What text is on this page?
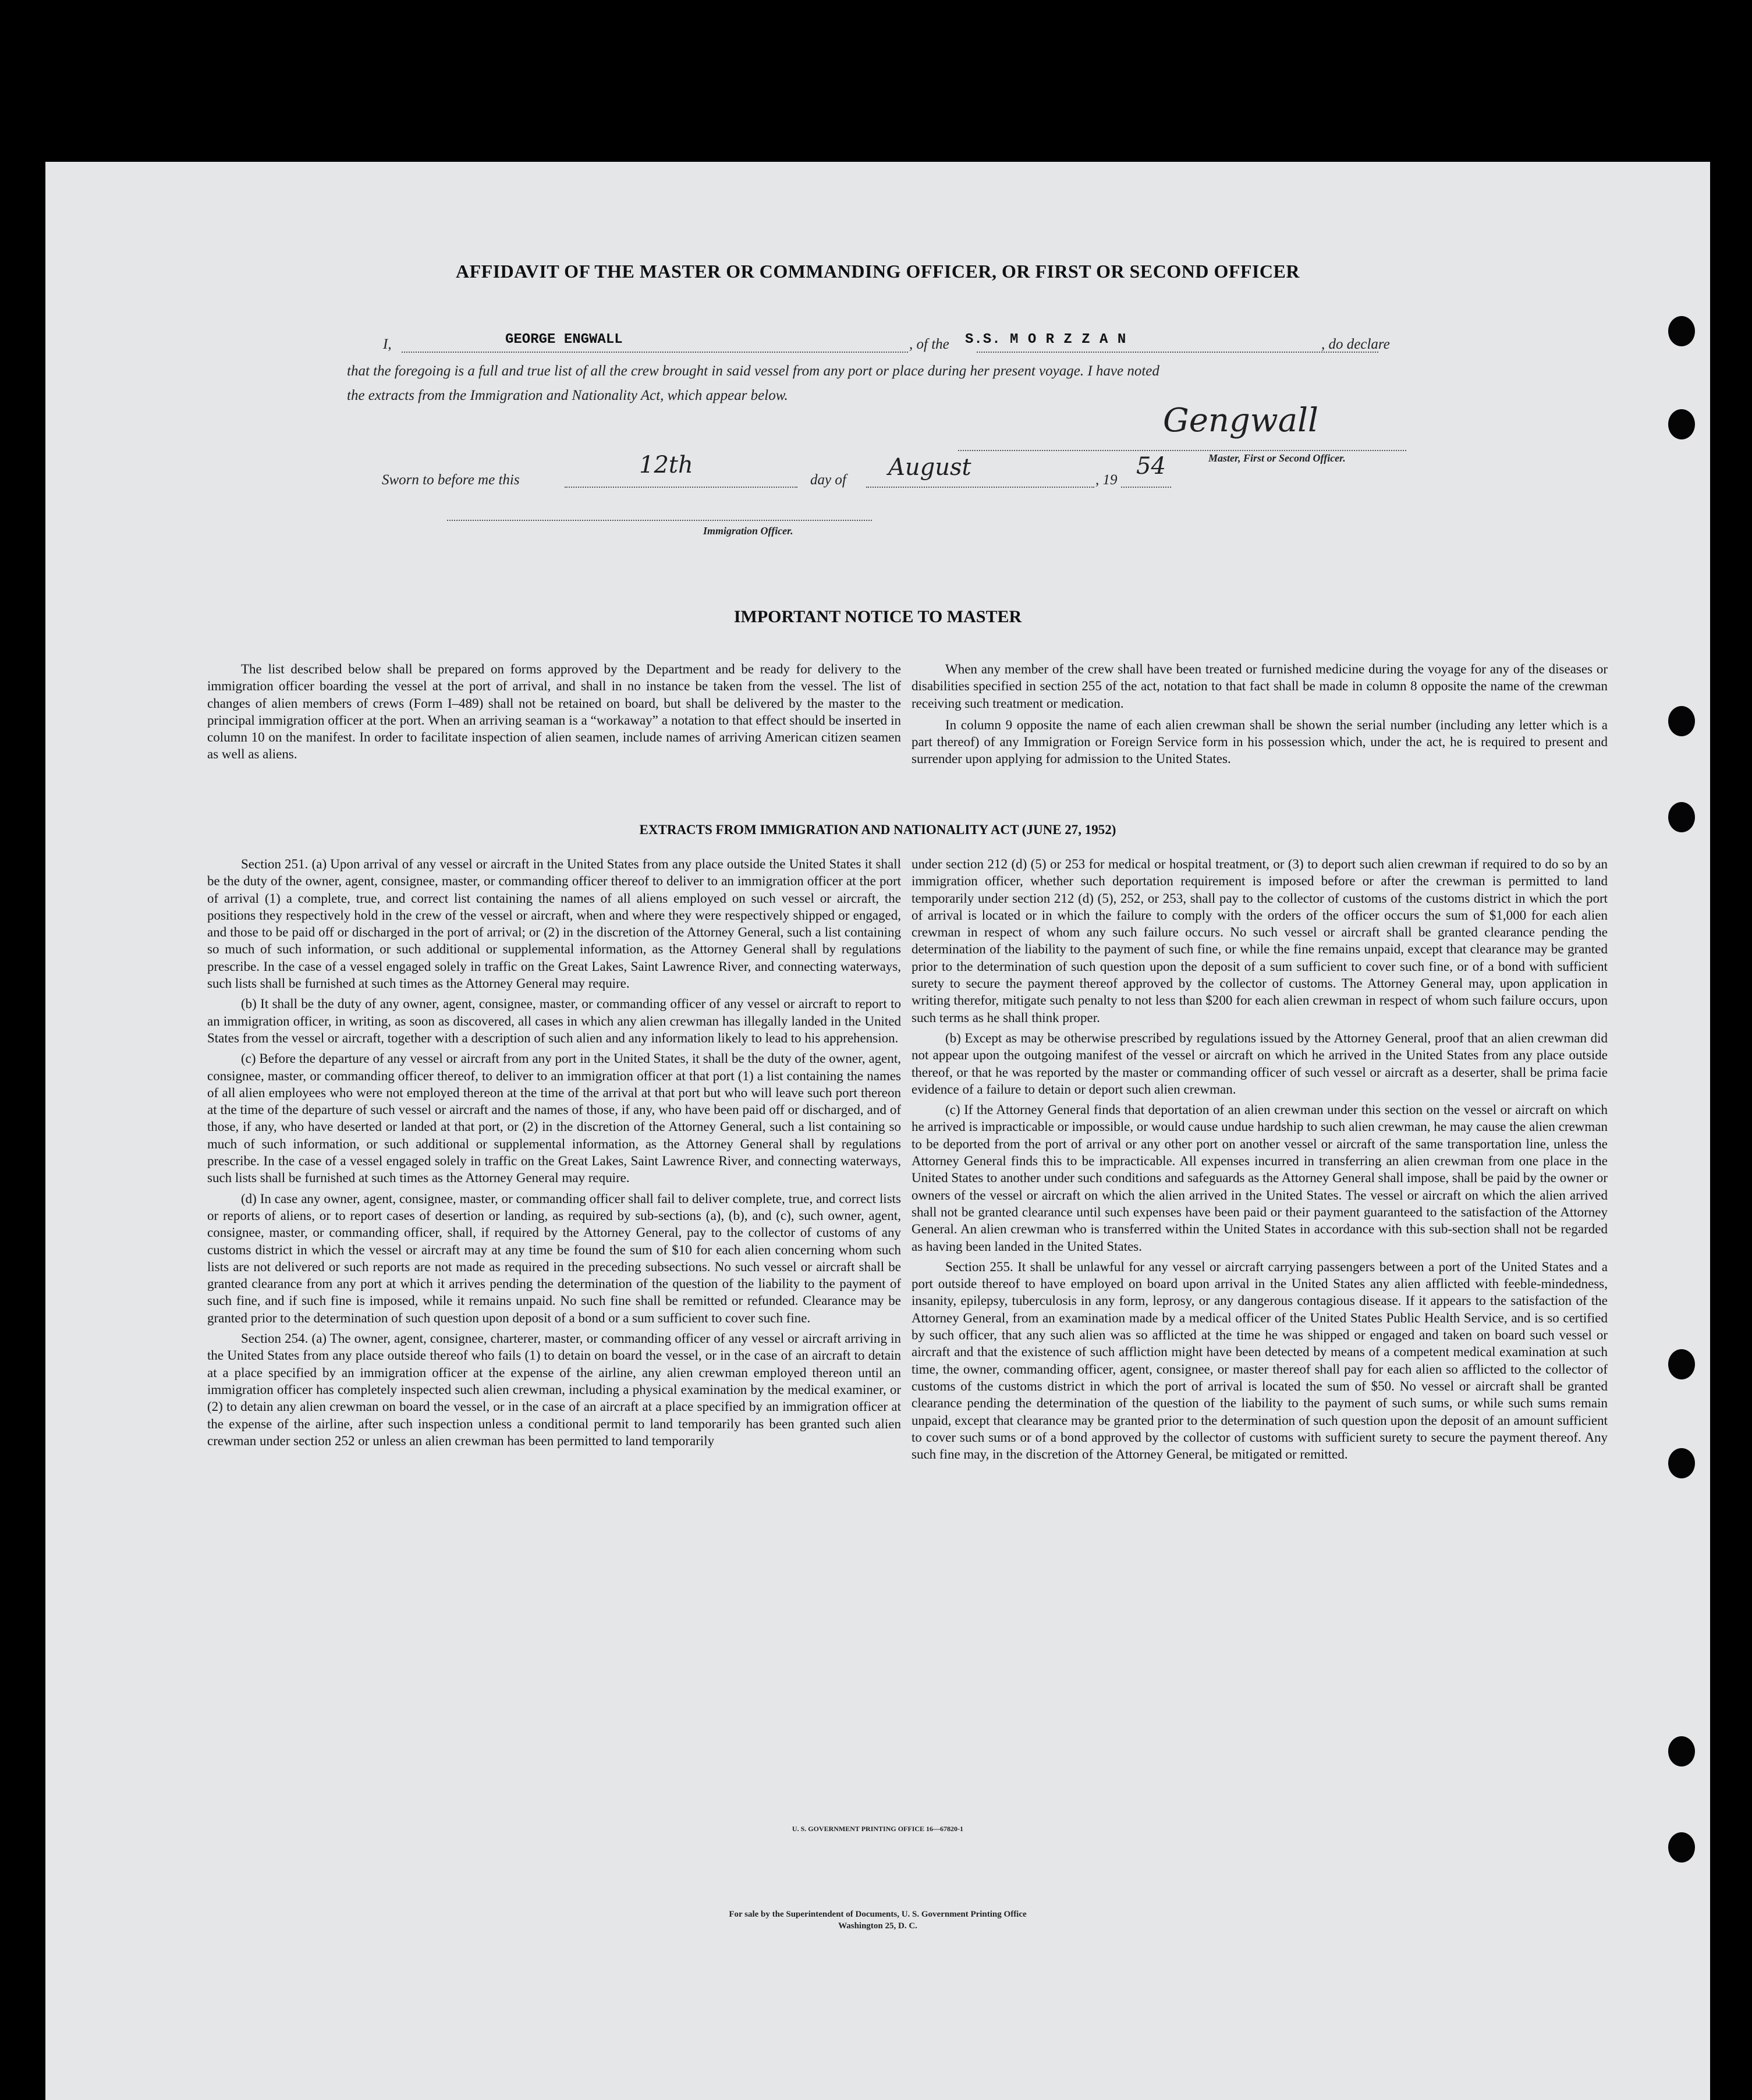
AFFIDAVIT OF THE MASTER OR COMMANDING OFFICER, OR FIRST OR SECOND OFFICER
I,	GEORGE ENGWALL	, of the S.S. M O R Z Z A N	, do declare
that the foregoing is a full and true list of all the crew brought in said vessel from any port or place during her present voyage. I have noted
the extracts from the Immigration and Nationality Act, which appear below.
Gengwall
Master, First or Second Officer.
Sworn to before me this
12th
day of August	, 19
54
Immigration Officer.
IMPORTANT NOTICE TO MASTER

The list described below shall be prepared on forms approved by the Department and be ready for delivery to the immigration officer boarding the vessel at the port of arrival, and shall in no instance be taken from the vessel. The list of changes of alien members of crews (Form I–489) shall not be retained on board, but shall be delivered by the master to the principal immigration officer at the port. When an arriving seaman is a “workaway” a notation to that effect should be inserted in column 10 on the manifest. In order to facilitate inspection of alien seamen, include names of arriving American citizen seamen as well as aliens.

When any member of the crew shall have been treated or furnished medicine during the voyage for any of the diseases or disabilities specified in section 255 of the act, notation to that fact shall be made in column 8 opposite the name of the crewman receiving such treatment or medication.

In column 9 opposite the name of each alien crewman shall be shown the serial number (including any letter which is a part thereof) of any Immigration or Foreign Service form in his possession which, under the act, he is required to present and surrender upon applying for admission to the United States.

EXTRACTS FROM IMMIGRATION AND NATIONALITY ACT (JUNE 27, 1952)

Section 251. (a) Upon arrival of any vessel or aircraft in the United States from any place outside the United States it shall be the duty of the owner, agent, consignee, master, or commanding officer thereof to deliver to an immigration officer at the port of arrival (1) a complete, true, and correct list containing the names of all aliens employed on such vessel or aircraft, the positions they respectively hold in the crew of the vessel or aircraft, when and where they were respectively shipped or engaged, and those to be paid off or discharged in the port of arrival; or (2) in the discretion of the Attorney General, such a list containing so much of such information, or such additional or supplemental information, as the Attorney General shall by regulations prescribe. In the case of a vessel engaged solely in traffic on the Great Lakes, Saint Lawrence River, and connecting waterways, such lists shall be furnished at such times as the Attorney General may require.

(b) It shall be the duty of any owner, agent, consignee, master, or commanding officer of any vessel or aircraft to report to an immigration officer, in writing, as soon as discovered, all cases in which any alien crewman has illegally landed in the United States from the vessel or aircraft, together with a description of such alien and any information likely to lead to his apprehension.

(c) Before the departure of any vessel or aircraft from any port in the United States, it shall be the duty of the owner, agent, consignee, master, or commanding officer thereof, to deliver to an immigration officer at that port (1) a list containing the names of all alien employees who were not employed thereon at the time of the arrival at that port but who will leave such port thereon at the time of the departure of such vessel or aircraft and the names of those, if any, who have been paid off or discharged, and of those, if any, who have deserted or landed at that port, or (2) in the discretion of the Attorney General, such a list containing so much of such information, or such additional or supplemental information, as the Attorney General shall by regulations prescribe. In the case of a vessel engaged solely in traffic on the Great Lakes, Saint Lawrence River, and connecting waterways, such lists shall be furnished at such times as the Attorney General may require.

(d) In case any owner, agent, consignee, master, or commanding officer shall fail to deliver complete, true, and correct lists or reports of aliens, or to report cases of desertion or landing, as required by sub-sections (a), (b), and (c), such owner, agent, consignee, master, or commanding officer, shall, if required by the Attorney General, pay to the collector of customs of any customs district in which the vessel or aircraft may at any time be found the sum of $10 for each alien concerning whom such lists are not delivered or such reports are not made as required in the preceding subsections. No such vessel or aircraft shall be granted clearance from any port at which it arrives pending the determination of the question of the liability to the payment of such fine, and if such fine is imposed, while it remains unpaid. No such fine shall be remitted or refunded. Clearance may be granted prior to the determination of such question upon deposit of a bond or a sum sufficient to cover such fine.

Section 254. (a) The owner, agent, consignee, charterer, master, or commanding officer of any vessel or aircraft arriving in the United States from any place outside thereof who fails (1) to detain on board the vessel, or in the case of an aircraft to detain at a place specified by an immigration officer at the expense of the airline, any alien crewman employed thereon until an immigration officer has completely inspected such alien crewman, including a physical examination by the medical examiner, or (2) to detain any alien crewman on board the vessel, or in the case of an aircraft at a place specified by an immigration officer at the expense of the airline, after such inspection unless a conditional permit to land temporarily has been granted such alien crewman under section 252 or unless an alien crewman has been permitted to land temporarily

under section 212 (d) (5) or 253 for medical or hospital treatment, or (3) to deport such alien crewman if required to do so by an immigration officer, whether such deportation requirement is imposed before or after the crewman is permitted to land temporarily under section 212 (d) (5), 252, or 253, shall pay to the collector of customs of the customs district in which the port of arrival is located or in which the failure to comply with the orders of the officer occurs the sum of $1,000 for each alien crewman in respect of whom any such failure occurs. No such vessel or aircraft shall be granted clearance pending the determination of the liability to the payment of such fine, or while the fine remains unpaid, except that clearance may be granted prior to the determination of such question upon the deposit of a sum sufficient to cover such fine, or of a bond with sufficient surety to secure the payment thereof approved by the collector of customs. The Attorney General may, upon application in writing therefor, mitigate such penalty to not less than $200 for each alien crewman in respect of whom such failure occurs, upon such terms as he shall think proper.

(b) Except as may be otherwise prescribed by regulations issued by the Attorney General, proof that an alien crewman did not appear upon the outgoing manifest of the vessel or aircraft on which he arrived in the United States from any place outside thereof, or that he was reported by the master or commanding officer of such vessel or aircraft as a deserter, shall be prima facie evidence of a failure to detain or deport such alien crewman.

(c) If the Attorney General finds that deportation of an alien crewman under this section on the vessel or aircraft on which he arrived is impracticable or impossible, or would cause undue hardship to such alien crewman, he may cause the alien crewman to be deported from the port of arrival or any other port on another vessel or aircraft of the same transportation line, unless the Attorney General finds this to be impracticable. All expenses incurred in transferring an alien crewman from one place in the United States to another under such conditions and safeguards as the Attorney General shall impose, shall be paid by the owner or owners of the vessel or aircraft on which the alien arrived in the United States. The vessel or aircraft on which the alien arrived shall not be granted clearance until such expenses have been paid or their payment guaranteed to the satisfaction of the Attorney General. An alien crewman who is transferred within the United States in accordance with this sub-section shall not be regarded as having been landed in the United States.

Section 255. It shall be unlawful for any vessel or aircraft carrying passengers between a port of the United States and a port outside thereof to have employed on board upon arrival in the United States any alien afflicted with feeble-mindedness, insanity, epilepsy, tuberculosis in any form, leprosy, or any dangerous contagious disease. If it appears to the satisfaction of the Attorney General, from an examination made by a medical officer of the United States Public Health Service, and is so certified by such officer, that any such alien was so afflicted at the time he was shipped or engaged and taken on board such vessel or aircraft and that the existence of such affliction might have been detected by means of a competent medical examination at such time, the owner, commanding officer, agent, consignee, or master thereof shall pay for each alien so afflicted to the collector of customs of the customs district in which the port of arrival is located the sum of $50. No vessel or aircraft shall be granted clearance pending the determination of the question of the liability to the payment of such sums, or while such sums remain unpaid, except that clearance may be granted prior to the determination of such question upon the deposit of an amount sufficient to cover such sums or of a bond approved by the collector of customs with sufficient surety to secure the payment thereof. Any such fine may, in the discretion of the Attorney General, be mitigated or remitted.

U. S. GOVERNMENT PRINTING OFFICE 16—67820-1
For sale by the Superintendent of Documents, U. S. Government Printing Office
Washington 25, D. C.
